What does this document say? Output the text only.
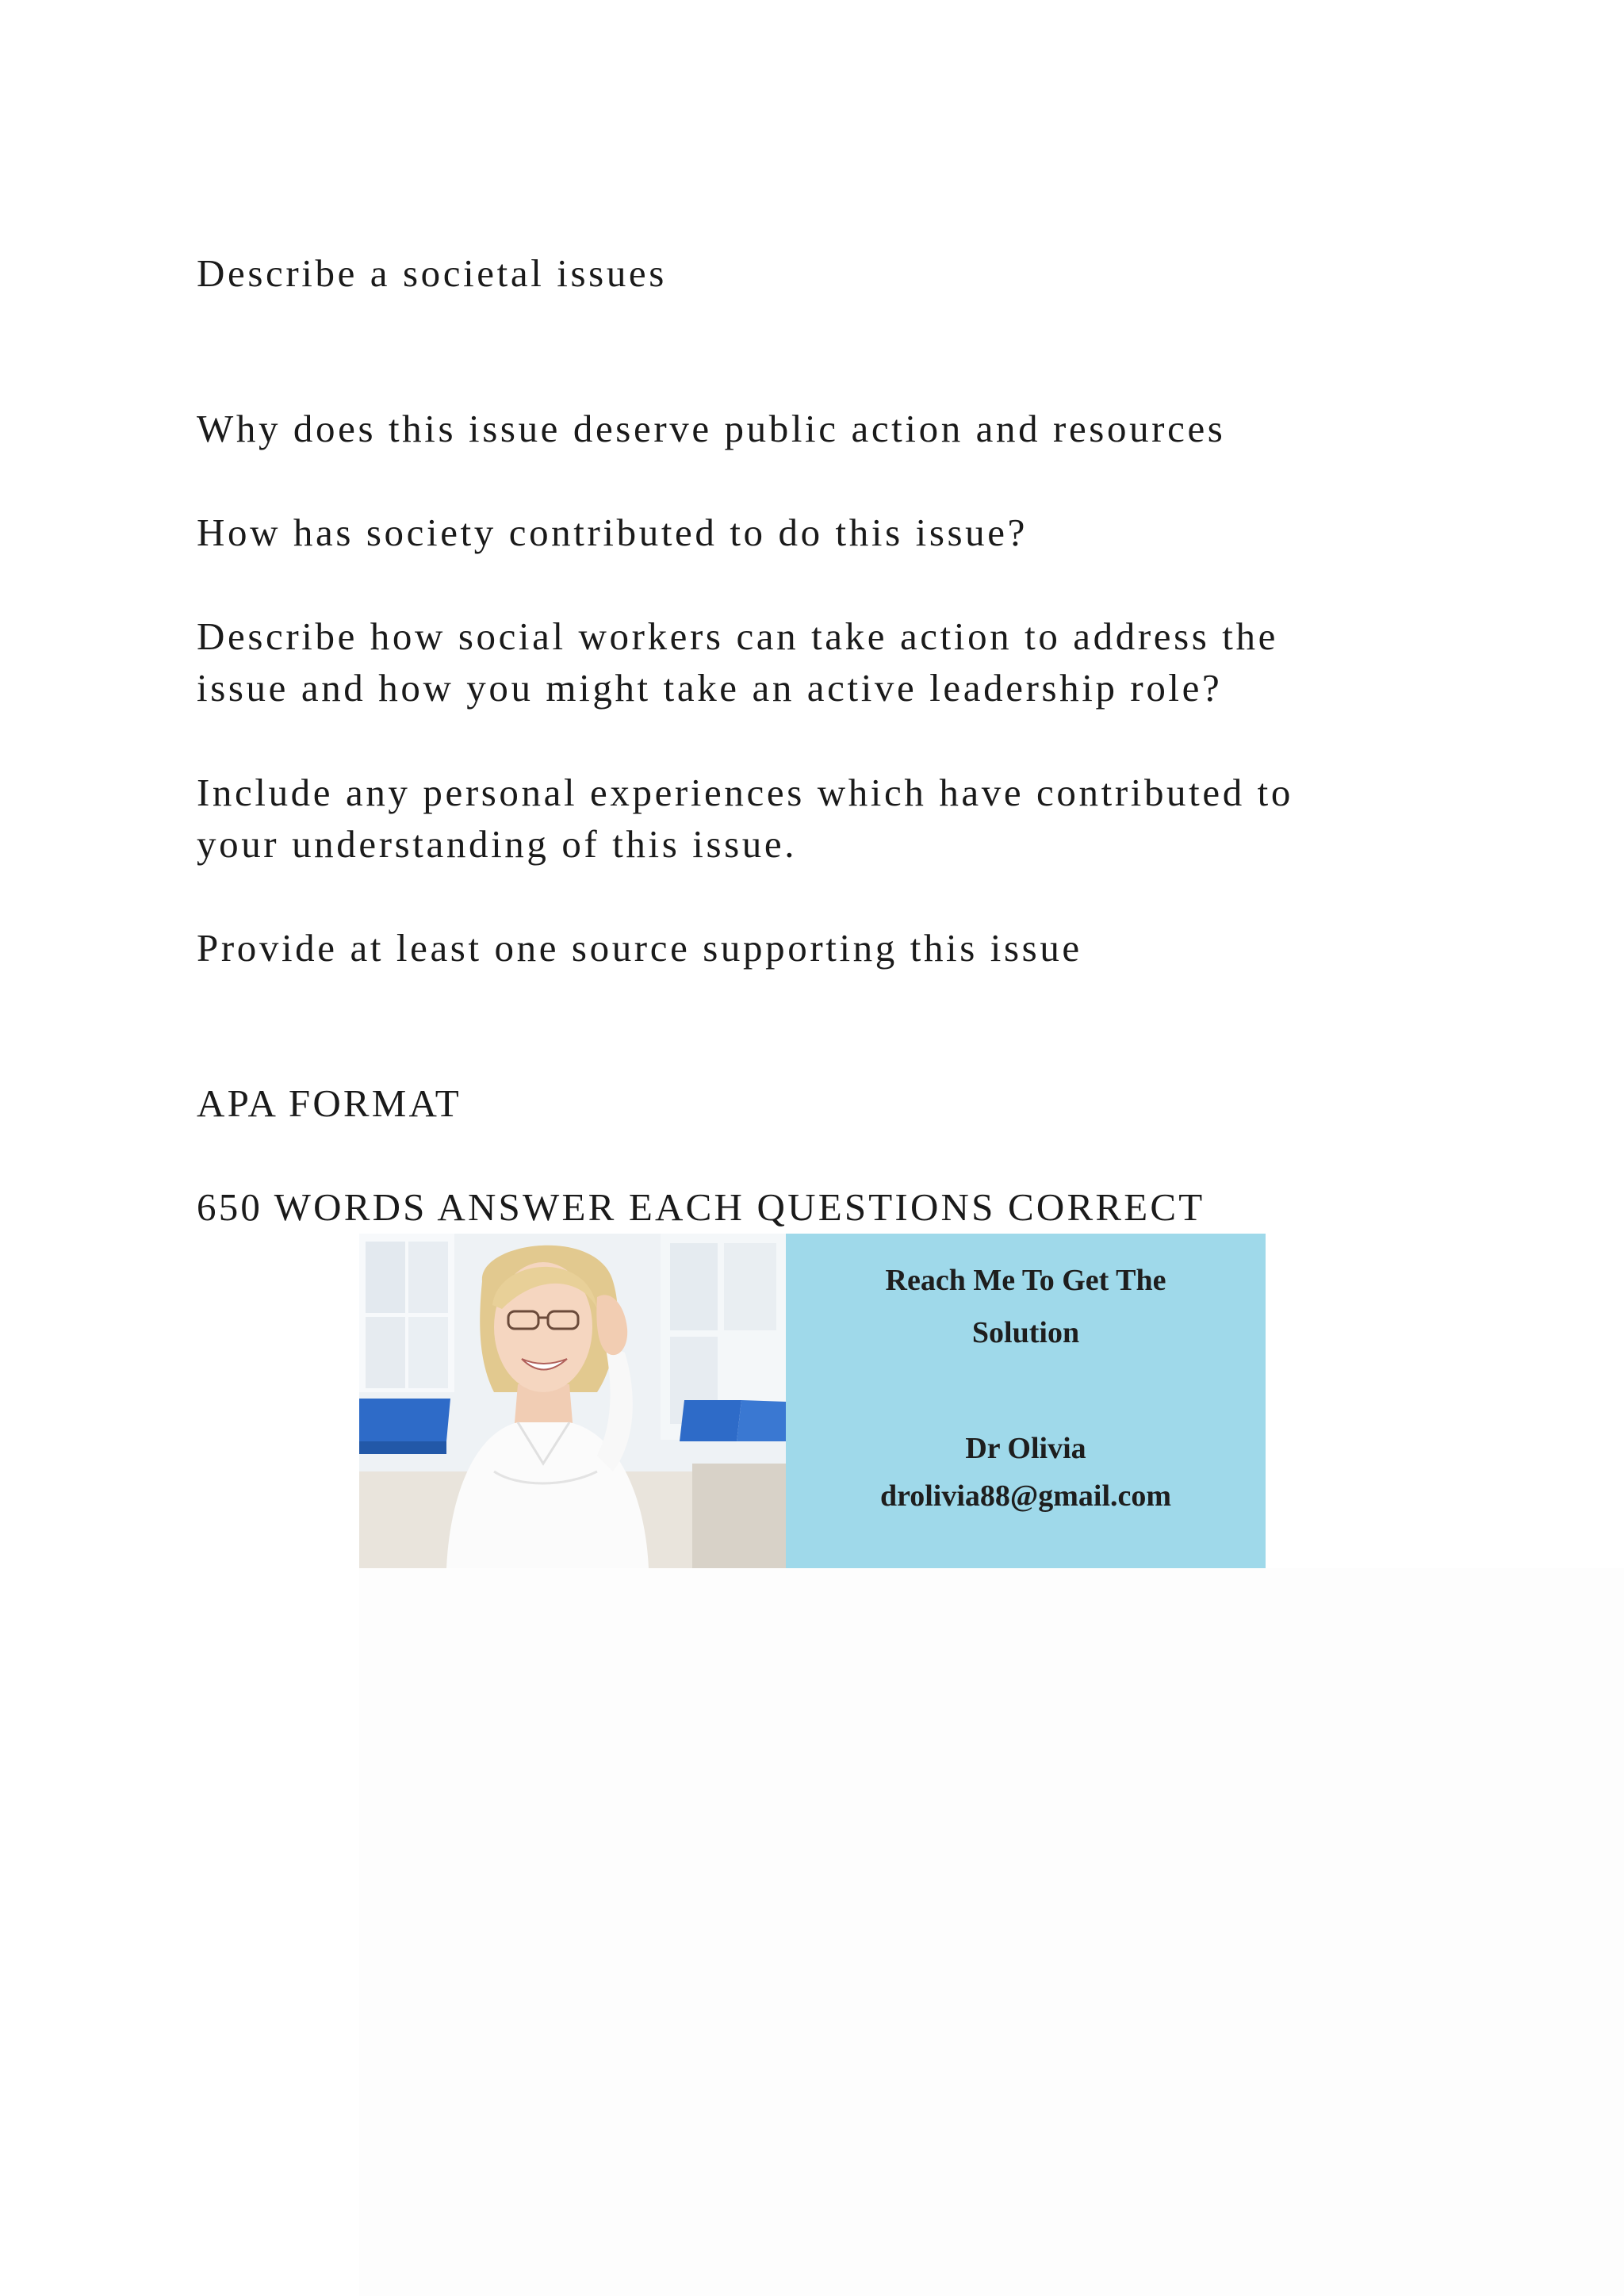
Describe a societal issues

Why does this issue deserve public action and resources

How has society contributed to do this issue?

Describe how social workers can take action to address the

issue and how you might take an active leadership role?

Include any personal experiences which have contributed to

your understanding of this issue.

Provide at least one source supporting this issue

APA FORMAT

650 WORDS ANSWER EACH QUESTIONS CORRECT

Reach Me To Get The
Solution
Dr Olivia
drolivia88@gmail.com
